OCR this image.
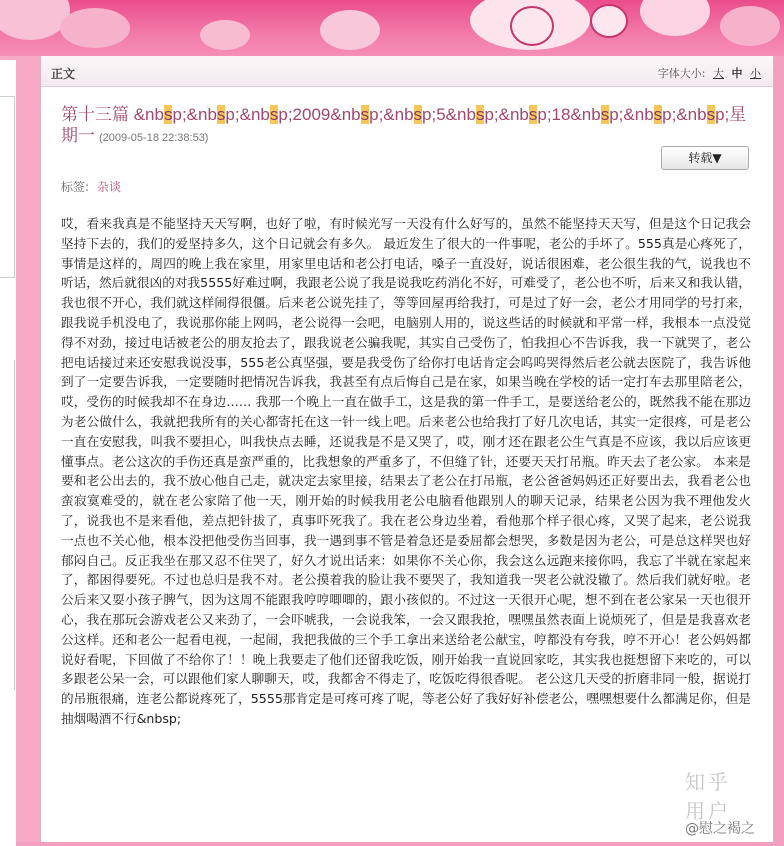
正文	字体大小: 大 中 小
第十三篇 &nbsp;&nbsp;&nbsp;2009&nbsp;&nbsp;5&nbsp;&nbsp;18&nbsp;&nbsp;&nbsp;星期一 (2009-05-18 22:38:53)
转载▼
标签: 杂谈
哎，看来我真是不能坚持天天写啊，也好了啦，有时候光写一天没有什么好写的，虽然不能坚持天天写，但是这个日记我会坚持下去的，我们的爱坚持多久，这个日记就会有多久。 最近发生了很大的一件事呢，老公的手坏了。555真是心疼死了，事情是这样的，周四的晚上我在家里，用家里电话和老公打电话，嗓子一直没好，说话很困难，老公很生我的气，说我也不听话，然后就很凶的对我5555好难过啊，我跟老公说了我是说我吃药消化不好，可难受了，老公也不听，后来又和我认错，我也很不开心，我们就这样闹得很僵。后来老公说先挂了，等等回屋再给我打，可是过了好一会，老公才用同学的号打来，跟我说手机没电了，我说那你能上网吗，老公说得一会吧，电脑别人用的，说这些话的时候就和平常一样，我根本一点没觉得不对劲，接过电话被老公的朋友抢去了，跟我说老公骗我呢，其实自己受伤了，怕我担心不告诉我，我一下就哭了，老公把电话接过来还安慰我说没事，555老公真坚强，要是我受伤了给你打电话肯定会呜呜哭得然后老公就去医院了，我告诉他到了一定要告诉我，一定要随时把情况告诉我，我甚至有点后悔自己是在家，如果当晚在学校的话一定打车去那里陪老公，哎，受伤的时候我却不在身边…… 我那一个晚上一直在做手工，这是我的第一件手工，是要送给老公的，既然我不能在那边为老公做什么，我就把我所有的关心都寄托在这一针一线上吧。后来老公也给我打了好几次电话，其实一定很疼，可是老公一直在安慰我，叫我不要担心，叫我快点去睡，还说我是不是又哭了，哎，刚才还在跟老公生气真是不应该，我以后应该更懂事点。老公这次的手伤还真是蛮严重的，比我想象的严重多了，不但缝了针，还要天天打吊瓶。昨天去了老公家。 本来是要和老公出去的，我不放心他自己走，就决定去家里接，结果去了老公在打吊瓶，老公爸爸妈妈还正好要出去，我看老公也蛮寂寞难受的，就在老公家陪了他一天，刚开始的时候我用老公电脑看他跟别人的聊天记录，结果老公因为我不理他发火了，说我也不是来看他，差点把针拔了，真事吓死我了。我在老公身边坐着，看他那个样子很心疼，又哭了起来，老公说我一点也不关心他，根本没把他受伤当回事，我一遇到事不管是着急还是委屈都会想哭，多数是因为老公，可是总这样哭也好郁闷自己。反正我坐在那又忍不住哭了，好久才说出话来：如果你不关心你，我会这么远跑来接你吗，我忘了半就在家起来了，都困得要死。不过也总归是我不对。老公摸着我的脸让我不要哭了，我知道我一哭老公就没辙了。然后我们就好啦。老公后来又耍小孩子脾气，因为这周不能跟我哼哼唧唧的，跟小孩似的。不过这一天很开心呢，想不到在老公家呆一天也很开心，我在那玩会游戏老公又来劲了，一会吓唬我，一会说我笨，一会又跟我抢，嘿嘿虽然表面上说烦死了，但是是我喜欢老公这样。还和老公一起看电视，一起闹，我把我做的三个手工拿出来送给老公献宝，哼都没有夸我，哼不开心！老公妈妈都说好看呢，下回做了不给你了！！晚上我要走了他们还留我吃饭，刚开始我一直说回家吃，其实我也挺想留下来吃的，可以多跟老公呆一会，可以跟他们家人聊聊天，哎，我都舍不得走了，吃饭吃得很香呢。 老公这几天受的折磨非同一般，据说打的吊瓶很痛，连老公都说疼死了，5555那肯定是可疼可疼了呢，等老公好了我好好补偿老公，嘿嘿想要什么都满足你，但是抽烟喝酒不行&nbsp;
知乎用户
@慰之褐之
